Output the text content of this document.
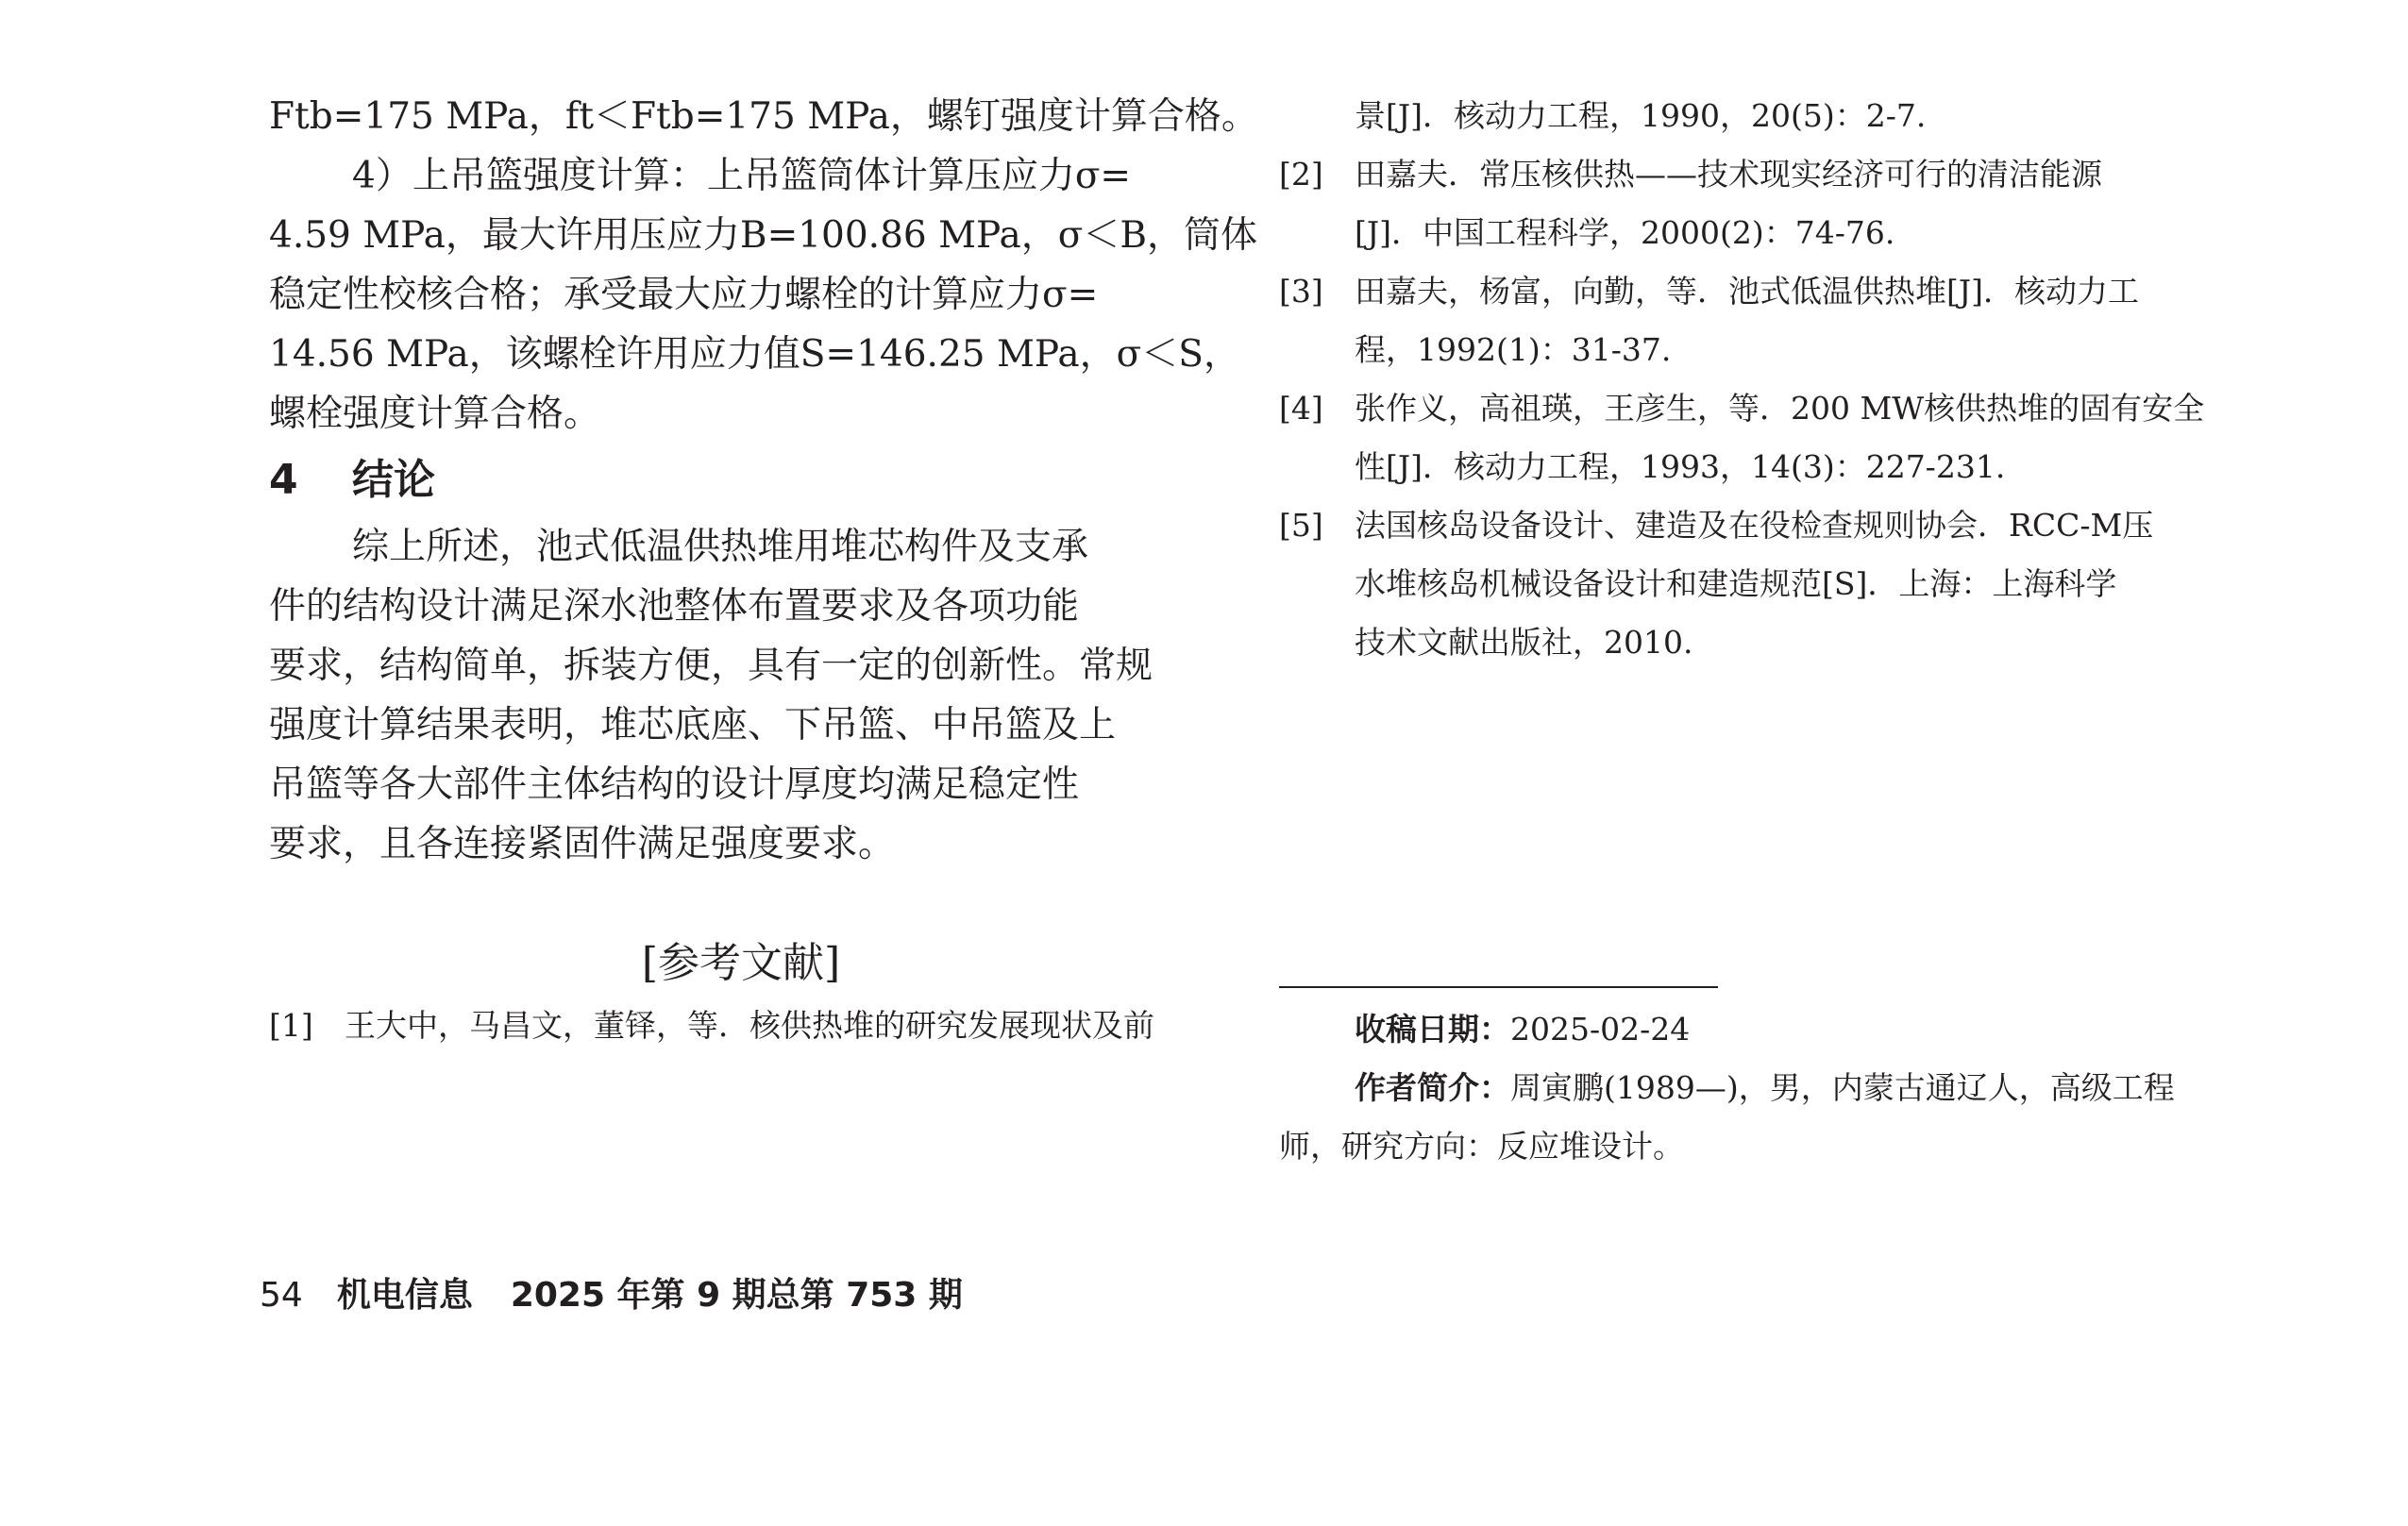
Ftb=175 MPa，ft＜Ftb=175 MPa，螺钉强度计算合格。
4）上吊篮强度计算：上吊篮筒体计算压应力σ=
4.59 MPa，最大许用压应力B=100.86 MPa，σ＜B，筒体
稳定性校核合格；承受最大应力螺栓的计算应力σ=
14.56 MPa，该螺栓许用应力值S=146.25 MPa，σ＜S，
螺栓强度计算合格。
4 结论
综上所述，池式低温供热堆用堆芯构件及支承
件的结构设计满足深水池整体布置要求及各项功能
要求，结构简单，拆装方便，具有一定的创新性。常规
强度计算结果表明，堆芯底座、下吊篮、中吊篮及上
吊篮等各大部件主体结构的设计厚度均满足稳定性
要求，且各连接紧固件满足强度要求。
[参考文献]
[1] 王大中，马昌文，董铎，等．核供热堆的研究发展现状及前
景[J]．核动力工程，1990，20(5)：2-7.
[2] 田嘉夫．常压核供热——技术现实经济可行的清洁能源
[J]．中国工程科学，2000(2)：74-76.
[3] 田嘉夫，杨富，向勤，等．池式低温供热堆[J]．核动力工
程，1992(1)：31-37.
[4] 张作义，高祖瑛，王彦生，等．200 MW核供热堆的固有安全
性[J]．核动力工程，1993，14(3)：227-231.
[5] 法国核岛设备设计、建造及在役检查规则协会．RCC-M压
水堆核岛机械设备设计和建造规范[S]．上海：上海科学
技术文献出版社，2010.
收稿日期：2025-02-24
作者简介：周寅鹏(1989—)，男，内蒙古通辽人，高级工程
师，研究方向：反应堆设计。
54 机电信息 2025 年第 9 期总第 753 期
